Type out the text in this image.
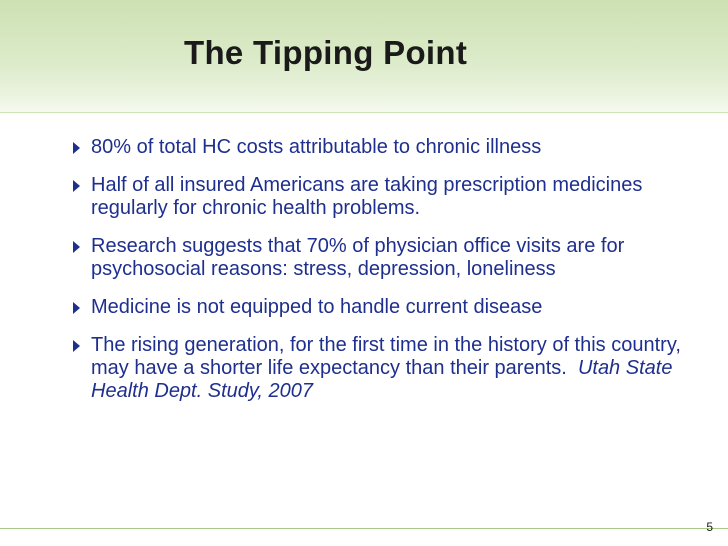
The Tipping Point
80% of total HC costs attributable to chronic illness
Half of all insured Americans are taking prescription medicines regularly for chronic health problems.
Research suggests that 70% of physician office visits are for psychosocial reasons: stress, depression, loneliness
Medicine is not equipped to handle current disease
The rising generation, for the first time in the history of this country, may have a shorter life expectancy than their parents.  Utah State Health Dept. Study, 2007
5
